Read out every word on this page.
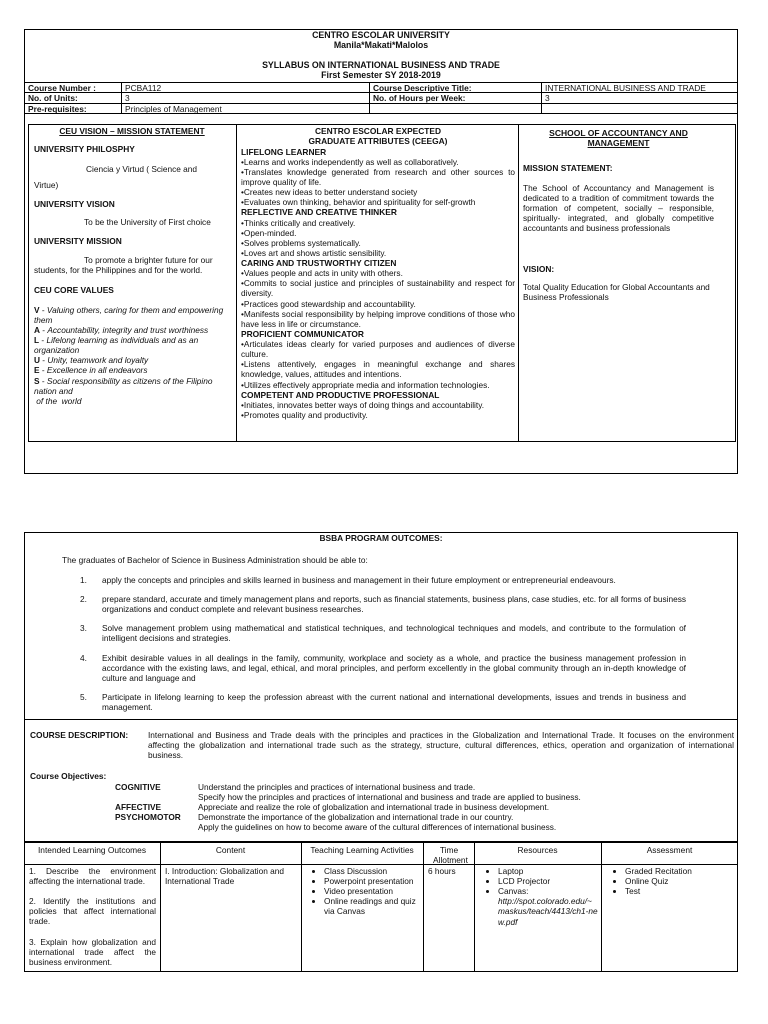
CENTRO ESCOLAR UNIVERSITY
Manila*Makati*Malolos
SYLLABUS ON INTERNATIONAL BUSINESS AND TRADE
First Semester SY 2018-2019
Course Number :	PCBA112	Course Descriptive Title:	INTERNATIONAL BUSINESS AND TRADE
No. of Units:	3	No. of Hours per Week:	3
Pre-requisites:	Principles of Management
CEU VISION – MISSION STATEMENT
UNIVERSITY PHILOSPHY
Ciencia y Virtud ( Science and
Virtue)
UNIVERSITY VISION
To be the University of First choice
UNIVERSITY MISSION
To promote a brighter future for our
students, for the Philippines and for the world.
CEU CORE VALUES
V - Valuing others, caring for them and empowering them
A - Accountability, integrity and trust worthiness
L - Lifelong learning as individuals and as an organization
U - Unity, teamwork and loyalty
E - Excellence in all endeavors
S - Social responsibility as citizens of the Filipino nation and
of the  world
CENTRO ESCOLAR EXPECTED
GRADUATE ATTRIBUTES (CEEGA)
LIFELONG LEARNER
•Learns and works independently as well as collaboratively.
•Translates knowledge generated from research and other sources to improve quality of life.
•Creates new ideas to better understand society
•Evaluates own thinking, behavior and spirituality for self-growth
REFLECTIVE AND CREATIVE THINKER
•Thinks critically and creatively.
•Open-minded.
•Solves problems systematically.
•Loves art and shows artistic sensibility.
CARING AND TRUSTWORTHY CITIZEN
•Values people and acts in unity with others.
•Commits to social justice and principles of sustainability and respect for diversity.
•Practices good stewardship and accountability.
•Manifests social responsibility by helping improve conditions of those who have less in life or circumstance.
PROFICIENT COMMUNICATOR
•Articulates ideas clearly for varied purposes and audiences of diverse culture.
•Listens attentively, engages in meaningful exchange and shares knowledge, values, attitudes and intentions.
•Utilizes effectively appropriate media and information technologies.
COMPETENT AND PRODUCTIVE PROFESSIONAL
•Initiates, innovates better ways of doing things and accountability.
•Promotes quality and productivity.
SCHOOL OF ACCOUNTANCY AND MANAGEMENT
MISSION STATEMENT:
The School of Accountancy and Management is dedicated to a tradition of commitment towards the formation of competent, socially – responsible, spiritually- integrated, and globally competitive accountants and business professionals
VISION:
Total Quality Education for Global Accountants and Business Professionals
BSBA PROGRAM OUTCOMES:
The graduates of Bachelor of Science in Business Administration should be able to:
1. apply the concepts and principles and skills learned in business and management in their future employment or entrepreneurial endeavours.
2. prepare standard, accurate and timely management plans and reports, such as financial statements, business plans, case studies, etc. for all forms of business organizations and conduct complete and relevant business researches.
3. Solve management problem using mathematical and statistical techniques, and technological techniques and models, and contribute to the formulation of intelligent decisions and strategies.
4. Exhibit desirable values in all dealings in the family, community, workplace and society as a whole, and practice the business management profession in accordance with the existing laws, and legal, ethical, and moral principles, and perform excellently in the global community through an in-depth knowledge of culture and language and
5. Participate in lifelong learning to keep the profession abreast with the current national and international developments, issues and trends in business and management.
COURSE DESCRIPTION: International and Business and Trade deals with the principles and practices in the Globalization and International Trade. It focuses on the environment affecting the globalization and international trade such as the strategy, structure, cultural differences, ethics, operation and organization of international business.
Course Objectives:
COGNITIVE	Understand the principles and practices of international business and trade.
Specify how the principles and practices of international and business and trade are applied to business.
AFFECTIVE	Appreciate and realize the role of globalization and international trade in business development.
PSYCHOMOTOR	Demonstrate the importance of the globalization and international trade in our country.
Apply the guidelines on how to become aware of the cultural differences of international business.
Intended Learning Outcomes	Content	Teaching Learning Activities	Time Allotment
Resources	Assessment
1. Describe the environment affecting the international trade.
2. Identify the institutions and policies that affect international trade.
3. Explain how globalization and international trade affect the business environment.
I. Introduction: Globalization and International Trade
• Class Discussion
• Powerpoint presentation
• Video presentation
• Online readings and quiz via Canvas
6 hours
•	Laptop
• LCD Projector
• Canvas:
http://spot.colorado.edu/~maskus/teach/4413/ch1-new.pdf
• Graded Recitation
• Online Quiz
• Test
